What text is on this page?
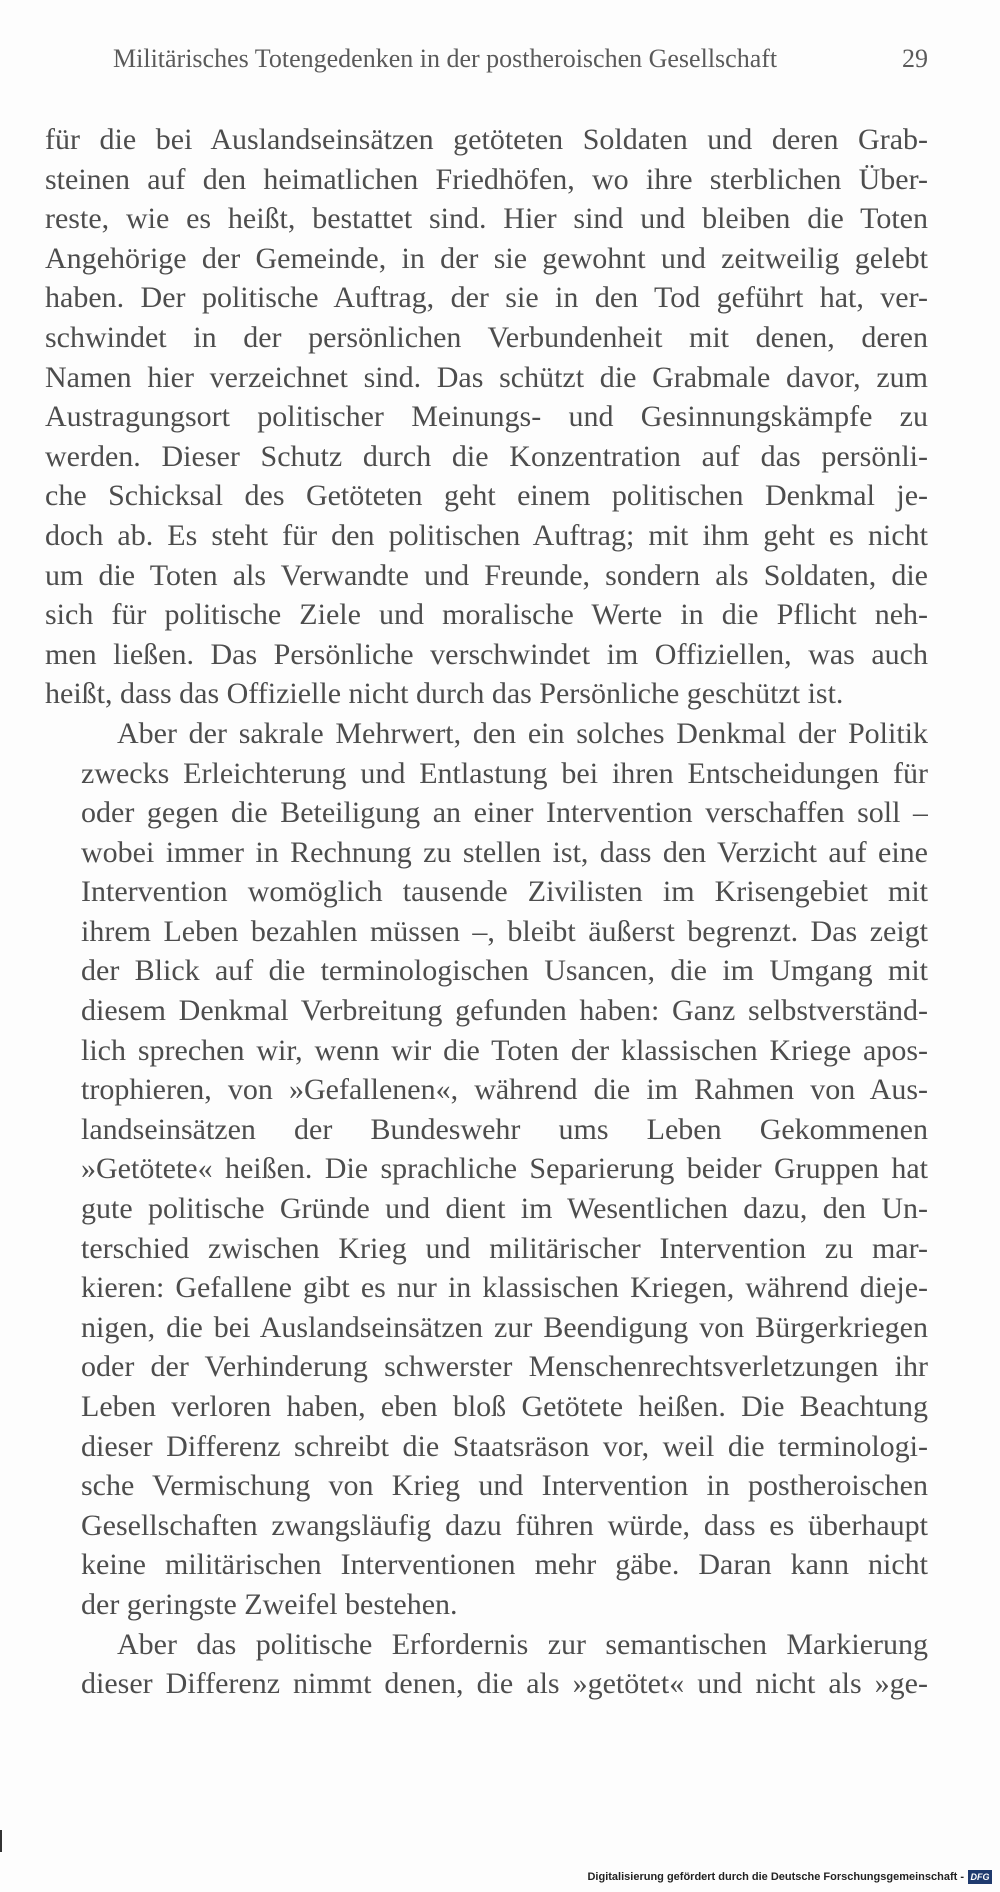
Militärisches Totengedenken in der postheroischen Gesellschaft	29
für die bei Auslandseinsätzen getöteten Soldaten und deren Grab-
steinen auf den heimatlichen Friedhöfen, wo ihre sterblichen Über-
reste, wie es heißt, bestattet sind. Hier sind und bleiben die Toten
Angehörige der Gemeinde, in der sie gewohnt und zeitweilig gelebt
haben. Der politische Auftrag, der sie in den Tod geführt hat, ver-
schwindet in der persönlichen Verbundenheit mit denen, deren
Namen hier verzeichnet sind. Das schützt die Grabmale davor, zum
Austragungsort politischer Meinungs- und Gesinnungskämpfe zu
werden. Dieser Schutz durch die Konzentration auf das persönli-
che Schicksal des Getöteten geht einem politischen Denkmal je-
doch ab. Es steht für den politischen Auftrag; mit ihm geht es nicht
um die Toten als Verwandte und Freunde, sondern als Soldaten, die
sich für politische Ziele und moralische Werte in die Pflicht neh-
men ließen. Das Persönliche verschwindet im Offiziellen, was auch
heißt, dass das Offizielle nicht durch das Persönliche geschützt ist.
Aber der sakrale Mehrwert, den ein solches Denkmal der Politik
zwecks Erleichterung und Entlastung bei ihren Entscheidungen für
oder gegen die Beteiligung an einer Intervention verschaffen soll –
wobei immer in Rechnung zu stellen ist, dass den Verzicht auf eine
Intervention womöglich tausende Zivilisten im Krisengebiet mit
ihrem Leben bezahlen müssen –, bleibt äußerst begrenzt. Das zeigt
der Blick auf die terminologischen Usancen, die im Umgang mit
diesem Denkmal Verbreitung gefunden haben: Ganz selbstverständ-
lich sprechen wir, wenn wir die Toten der klassischen Kriege apos-
trophieren, von »Gefallenen«, während die im Rahmen von Aus-
landseinsätzen der Bundeswehr ums Leben Gekommenen
»Getötete« heißen. Die sprachliche Separierung beider Gruppen hat
gute politische Gründe und dient im Wesentlichen dazu, den Un-
terschied zwischen Krieg und militärischer Intervention zu mar-
kieren: Gefallene gibt es nur in klassischen Kriegen, während dieje-
nigen, die bei Auslandseinsätzen zur Beendigung von Bürgerkriegen
oder der Verhinderung schwerster Menschenrechtsverletzungen ihr
Leben verloren haben, eben bloß Getötete heißen. Die Beachtung
dieser Differenz schreibt die Staatsräson vor, weil die terminologi-
sche Vermischung von Krieg und Intervention in postheroischen
Gesellschaften zwangsläufig dazu führen würde, dass es überhaupt
keine militärischen Interventionen mehr gäbe. Daran kann nicht
der geringste Zweifel bestehen.
Aber das politische Erfordernis zur semantischen Markierung
dieser Differenz nimmt denen, die als »getötet« und nicht als »ge-
Digitalisierung gefördert durch die Deutsche Forschungsgemeinschaft - DFG
